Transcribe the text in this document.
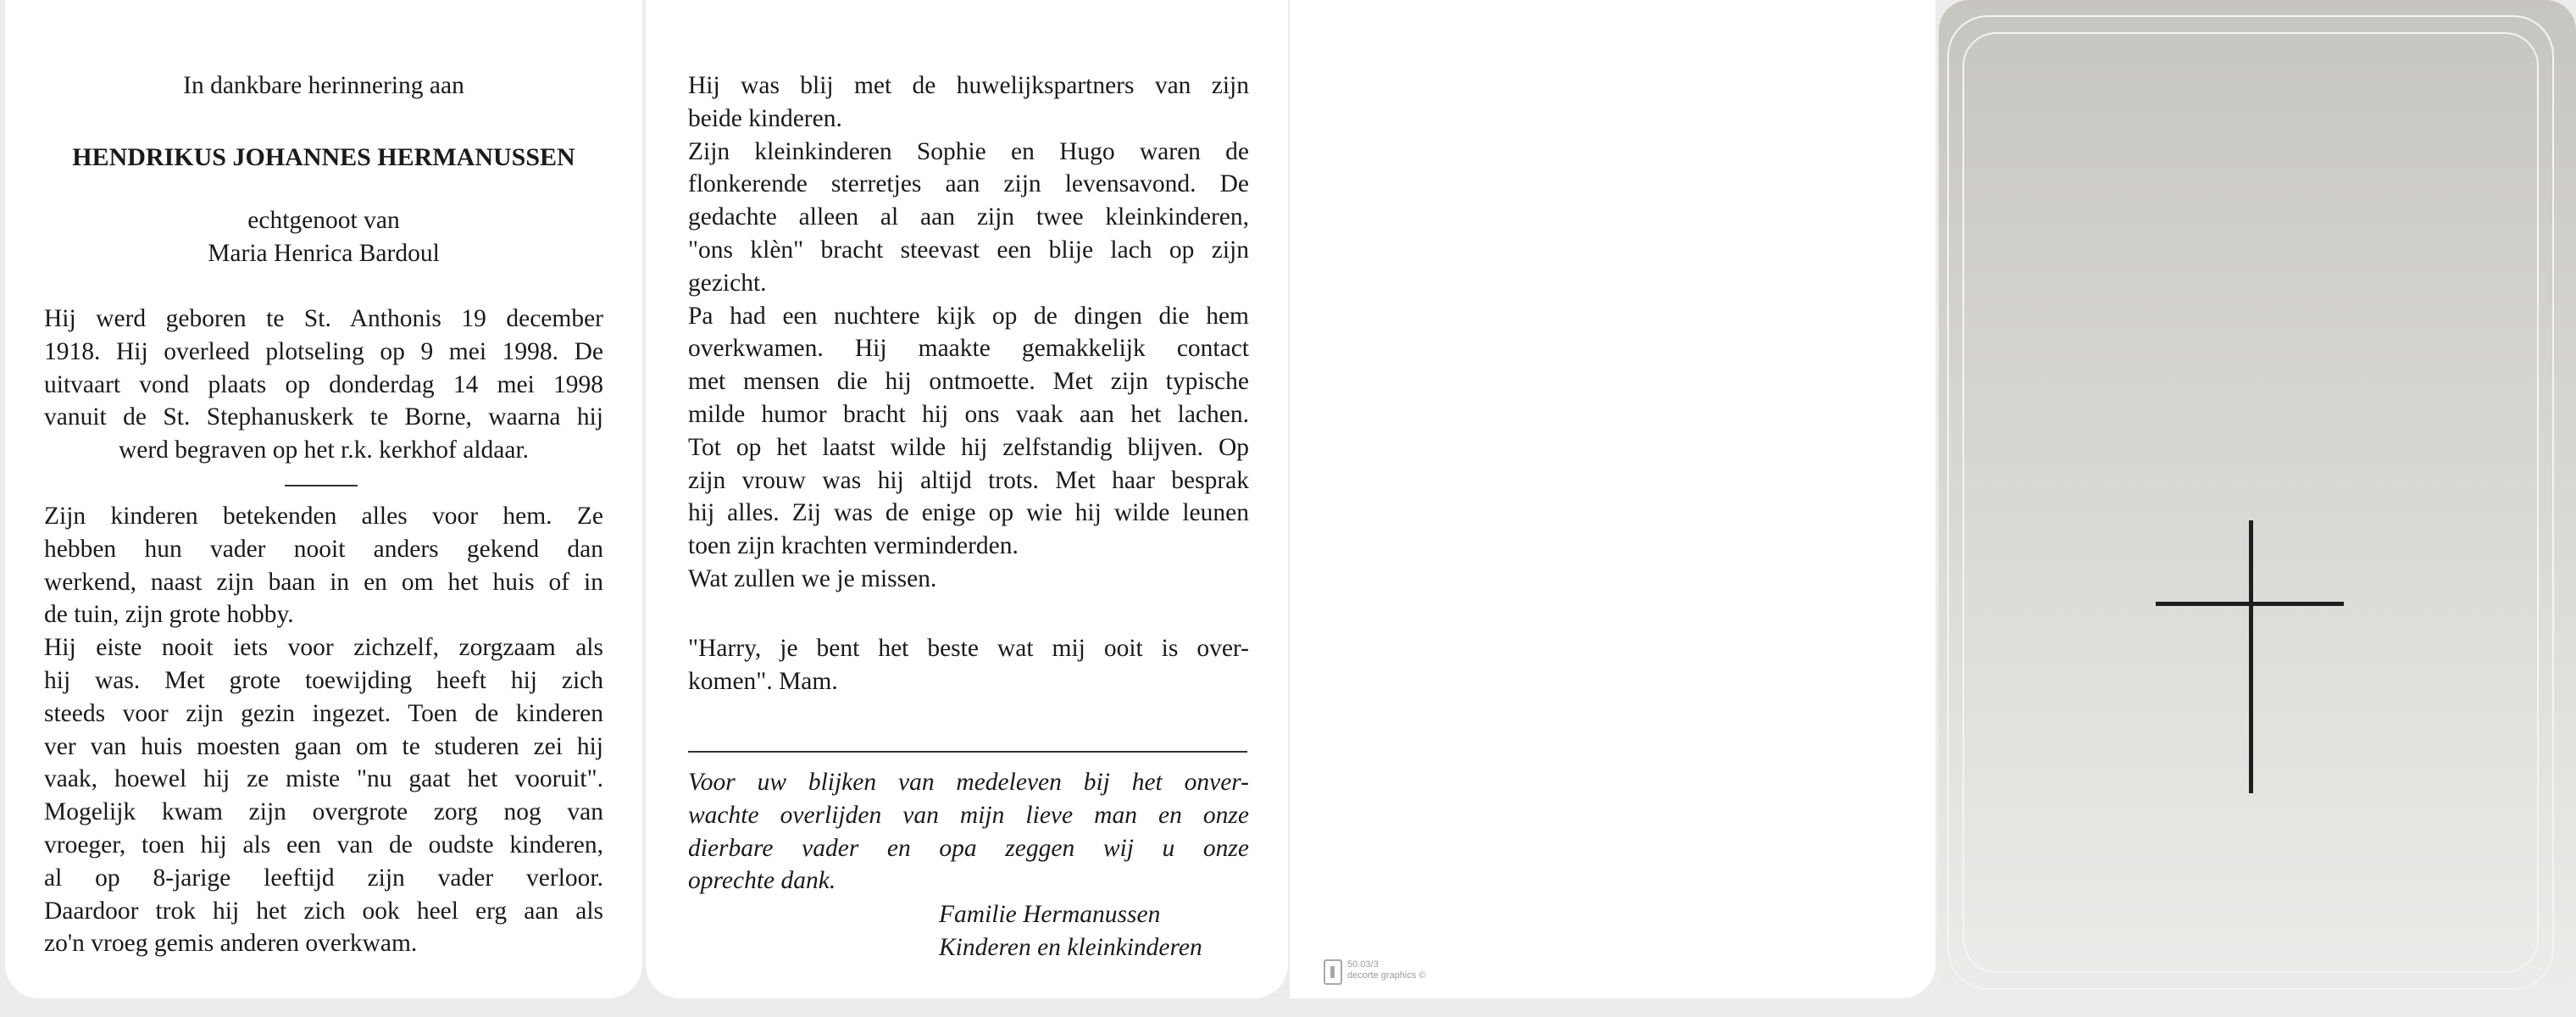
In dankbare herinnering aan
HENDRIKUS JOHANNES HERMANUSSEN
echtgenoot van
Maria Henrica Bardoul
Hij werd geboren te St. Anthonis 19 december
1918. Hij overleed plotseling op 9 mei 1998. De
uitvaart vond plaats op donderdag 14 mei 1998
vanuit de St. Stephanuskerk te Borne, waarna hij
werd begraven op het r.k. kerkhof aldaar.
Zijn kinderen betekenden alles voor hem. Ze
hebben hun vader nooit anders gekend dan
werkend, naast zijn baan in en om het huis of in
de tuin, zijn grote hobby.
Hij eiste nooit iets voor zichzelf, zorgzaam als
hij was. Met grote toewijding heeft hij zich
steeds voor zijn gezin ingezet. Toen de kinderen
ver van huis moesten gaan om te studeren zei hij
vaak, hoewel hij ze miste "nu gaat het vooruit".
Mogelijk kwam zijn overgrote zorg nog van
vroeger, toen hij als een van de oudste kinderen,
al op 8-jarige leeftijd zijn vader verloor.
Daardoor trok hij het zich ook heel erg aan als
zo'n vroeg gemis anderen overkwam.
Hij was blij met de huwelijkspartners van zijn
beide kinderen.
Zijn kleinkinderen Sophie en Hugo waren de
flonkerende sterretjes aan zijn levensavond. De
gedachte alleen al aan zijn twee kleinkinderen,
"ons klèn" bracht steevast een blije lach op zijn
gezicht.
Pa had een nuchtere kijk op de dingen die hem
overkwamen. Hij maakte gemakkelijk contact
met mensen die hij ontmoette. Met zijn typische
milde humor bracht hij ons vaak aan het lachen.
Tot op het laatst wilde hij zelfstandig blijven. Op
zijn vrouw was hij altijd trots. Met haar besprak
hij alles. Zij was de enige op wie hij wilde leunen
toen zijn krachten verminderden.
Wat zullen we je missen.
"Harry, je bent het beste wat mij ooit is over-
komen". Mam.
Voor uw blijken van medeleven bij het onver-
wachte overlijden van mijn lieve man en onze
dierbare vader en opa zeggen wij u onze
oprechte dank.
Familie Hermanussen
Kinderen en kleinkinderen
50.03/3
decorte graphics ©
